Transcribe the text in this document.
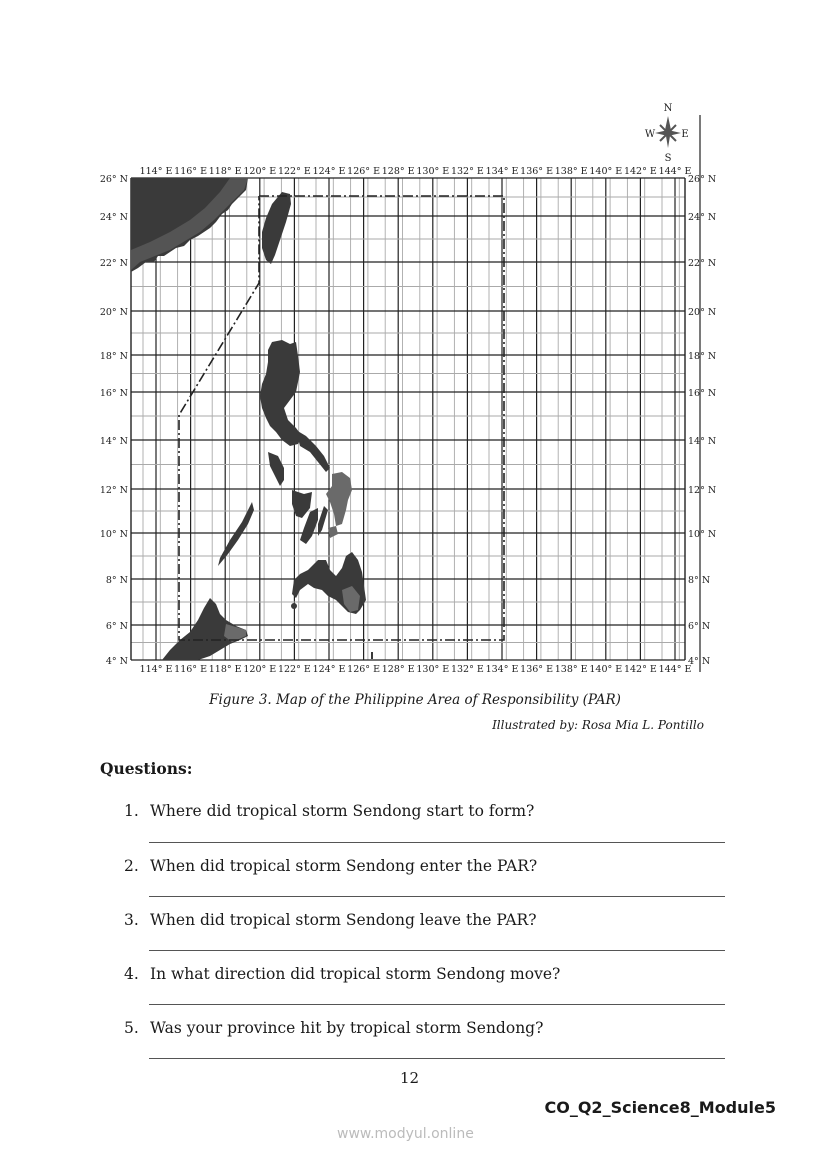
114° E
114° E
116° E
116° E
118° E
118° E
120° E
120° E
122° E
122° E
124° E
124° E
126° E
126° E
128° E
128° E
130° E
130° E
132° E
132° E
134° E
134° E
136° E
136° E
138° E
138° E
140° E
140° E
142° E
142° E
144° E
144° E
26° N	26° N
24° N	24° N
22° N	22° N
20° N	20° N
18° N	18° N
16° N	16° N
14° N	14° N
12° N	12° N
10° N	10° N
8° N	8° N
6° N	6° N
4° N	4° N
N
S
W	E
Figure 3. Map of the Philippine Area of Responsibility (PAR)
Illustrated by: Rosa Mia L. Pontillo
Questions:
1. Where did tropical storm Sendong start to form?
2. When did tropical storm Sendong enter the PAR?
3. When did tropical storm Sendong leave the PAR?
4. In what direction did tropical storm Sendong move?
5. Was your province hit by tropical storm Sendong?
12
CO_Q2_Science8_Module5
www.modyul.online
